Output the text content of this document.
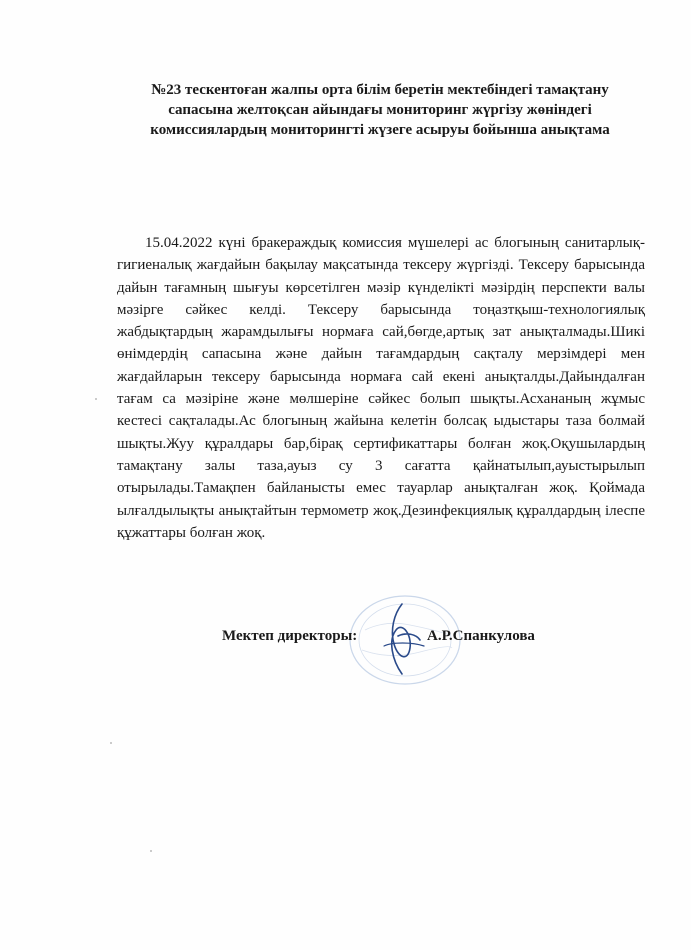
№23 тескентоған жалпы орта білім беретін мектебіндегі тамақтану
сапасына желтоқсан айындағы мониторинг жүргізу жөніндегі
комиссиялардың мониторингті жүзеге асыруы бойынша анықтама

15.04.2022 күні бракераждық комиссия мүшелері ас блогының санитарлық-гигиеналық жағдайын бақылау мақсатында тексеру жүргізді. Тексеру барысында дайын тағамның шығуы көрсетілген мәзір күнделікті мәзірдің перспекти валы мәзірге сәйкес келді. Тексеру барысында тоңазтқыш-технологиялық жабдықтардың жарамдылығы нормаға сай,бөгде,артық зат анықталмады.Шикі өнімдердің сапасына және дайын тағамдардың сақталу мерзімдері мен жағдайларын тексеру барысында нормаға сай екені анықталды.Дайындалған тағам са мәзіріне және мөлшеріне сәйкес болып шықты.Асхананың жұмыс кестесі сақталады.Ас блогының жайына келетін болсақ ыдыстары таза болмай шықты.Жуу құралдары бар,бірақ сертификаттары болған жоқ.Оқушылардың тамақтану залы таза,ауыз су 3 сағатта қайнатылып,ауыстырылып отырылады.Тамақпен байланысты емес тауарлар анықталған жоқ. Қоймада ылғалдылықты анықтайтын термометр жоқ.Дезинфекциялық құралдардың ілеспе құжаттары болған жоқ.

Мектеп директоры:	А.Р.Спанкулова
